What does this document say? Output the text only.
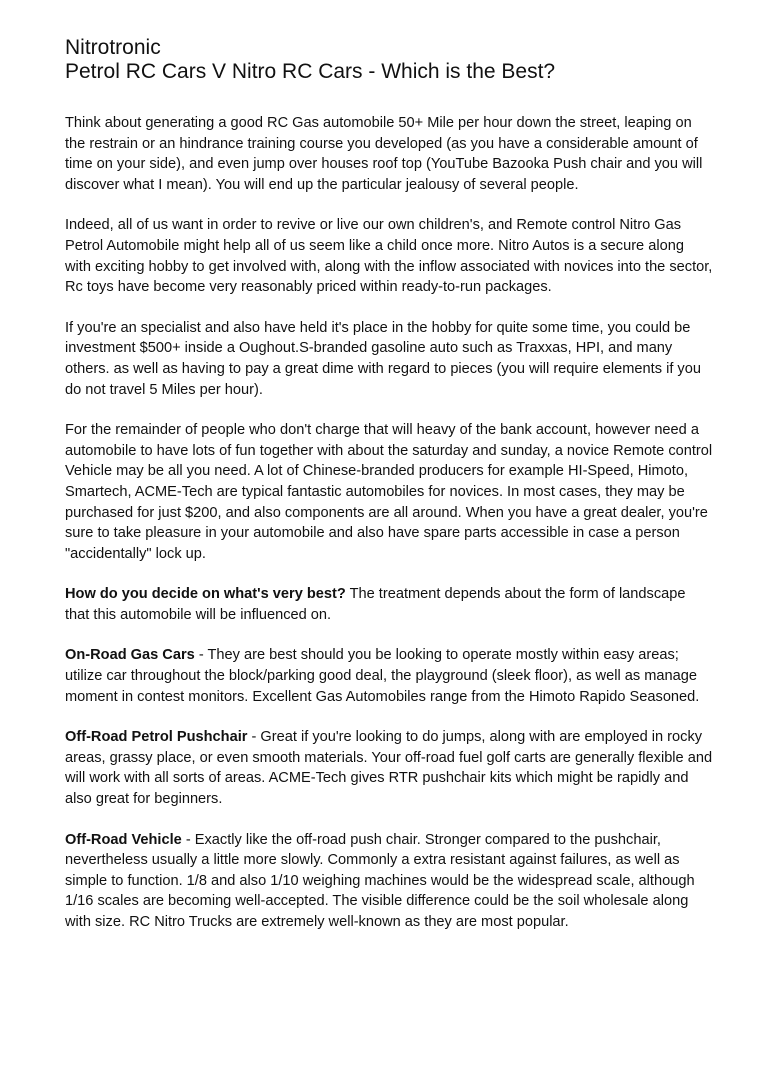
Nitrotronic
Petrol RC Cars V Nitro RC Cars - Which is the Best?

Think about generating a good RC Gas automobile 50+ Mile per hour down the street, leaping on the restrain or an hindrance training course you developed (as you have a considerable amount of time on your side), and even jump over houses roof top (YouTube Bazooka Push chair and you will discover what I mean). You will end up the particular jealousy of several people.

Indeed, all of us want in order to revive or live our own children's, and Remote control Nitro Gas Petrol Automobile might help all of us seem like a child once more. Nitro Autos is a secure along with exciting hobby to get involved with, along with the inflow associated with novices into the sector, Rc toys have become very reasonably priced within ready-to-run packages.

If you're an specialist and also have held it's place in the hobby for quite some time, you could be investment $500+ inside a Oughout.S-branded gasoline auto such as Traxxas, HPI, and many others. as well as having to pay a great dime with regard to pieces (you will require elements if you do not travel 5 Miles per hour).

For the remainder of people who don't charge that will heavy of the bank account, however need a automobile to have lots of fun together with about the saturday and sunday, a novice Remote control Vehicle may be all you need. A lot of Chinese-branded producers for example HI-Speed, Himoto, Smartech, ACME-Tech are typical fantastic automobiles for novices. In most cases, they may be purchased for just $200, and also components are all around. When you have a great dealer, you're sure to take pleasure in your automobile and also have spare parts accessible in case a person "accidentally" lock up.

How do you decide on what's very best? The treatment depends about the form of landscape that this automobile will be influenced on.

On-Road Gas Cars - They are best should you be looking to operate mostly within easy areas; utilize car throughout the block/parking good deal, the playground (sleek floor), as well as manage moment in contest monitors. Excellent Gas Automobiles range from the Himoto Rapido Seasoned.

Off-Road Petrol Pushchair - Great if you're looking to do jumps, along with are employed in rocky areas, grassy place, or even smooth materials. Your off-road fuel golf carts are generally flexible and will work with all sorts of areas. ACME-Tech gives RTR pushchair kits which might be rapidly and also great for beginners.

Off-Road Vehicle - Exactly like the off-road push chair. Stronger compared to the pushchair, nevertheless usually a little more slowly. Commonly a extra resistant against failures, as well as simple to function. 1/8 and also 1/10 weighing machines would be the widespread scale, although 1/16 scales are becoming well-accepted. The visible difference could be the soil wholesale along with size. RC Nitro Trucks are extremely well-known as they are most popular.
